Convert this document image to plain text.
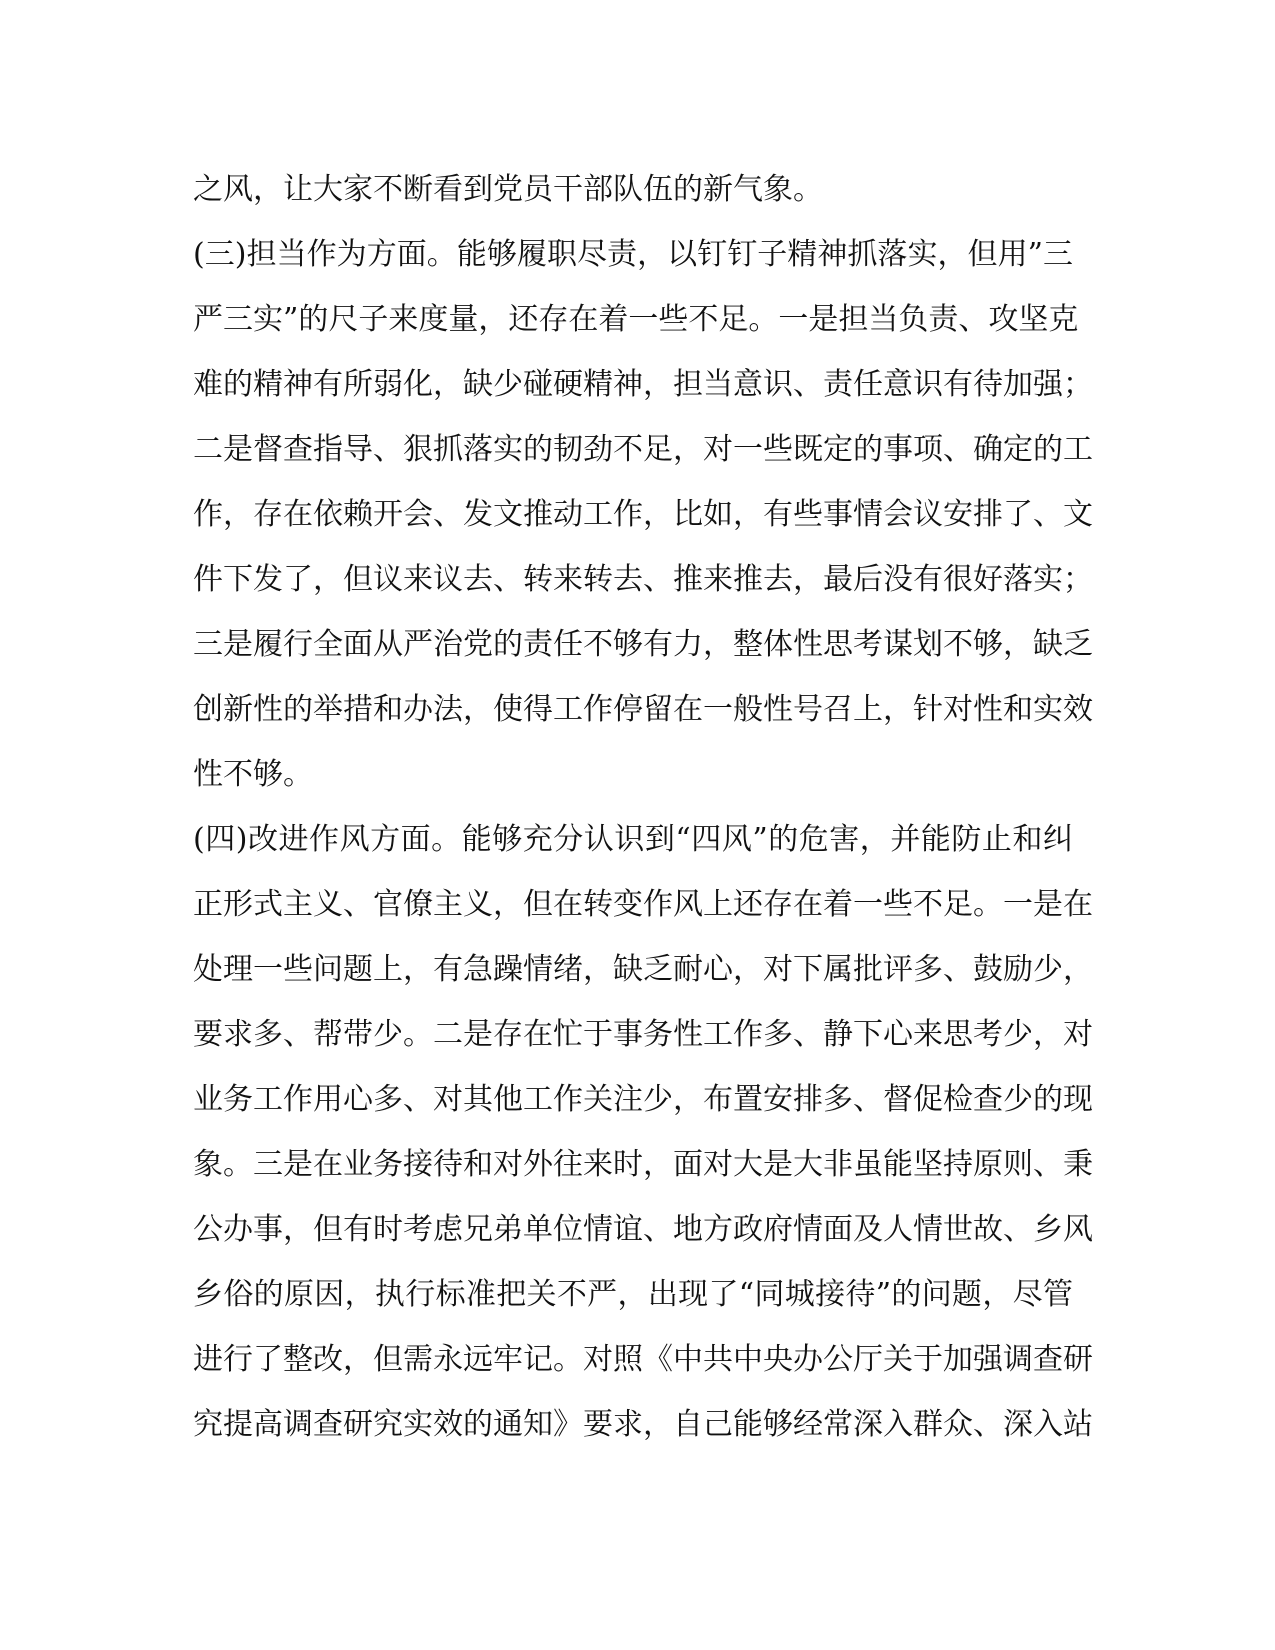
之风，让大家不断看到党员干部队伍的新气象。
(三)担当作为方面。能够履职尽责，以钉钉子精神抓落实，但用”三
严三实”的尺子来度量，还存在着一些不足。一是担当负责、攻坚克
难的精神有所弱化，缺少碰硬精神，担当意识、责任意识有待加强；
二是督查指导、狠抓落实的韧劲不足，对一些既定的事项、确定的工
作，存在依赖开会、发文推动工作，比如，有些事情会议安排了、文
件下发了，但议来议去、转来转去、推来推去，最后没有很好落实；
三是履行全面从严治党的责任不够有力，整体性思考谋划不够，缺乏
创新性的举措和办法，使得工作停留在一般性号召上，针对性和实效
性不够。
(四)改进作风方面。能够充分认识到“四风”的危害，并能防止和纠
正形式主义、官僚主义，但在转变作风上还存在着一些不足。一是在
处理一些问题上，有急躁情绪，缺乏耐心，对下属批评多、鼓励少，
要求多、帮带少。二是存在忙于事务性工作多、静下心来思考少，对
业务工作用心多、对其他工作关注少，布置安排多、督促检查少的现
象。三是在业务接待和对外往来时，面对大是大非虽能坚持原则、秉
公办事，但有时考虑兄弟单位情谊、地方政府情面及人情世故、乡风
乡俗的原因，执行标准把关不严，出现了“同城接待”的问题，尽管
进行了整改，但需永远牢记。对照《中共中央办公厅关于加强调查研
究提高调查研究实效的通知》要求，自己能够经常深入群众、深入站
